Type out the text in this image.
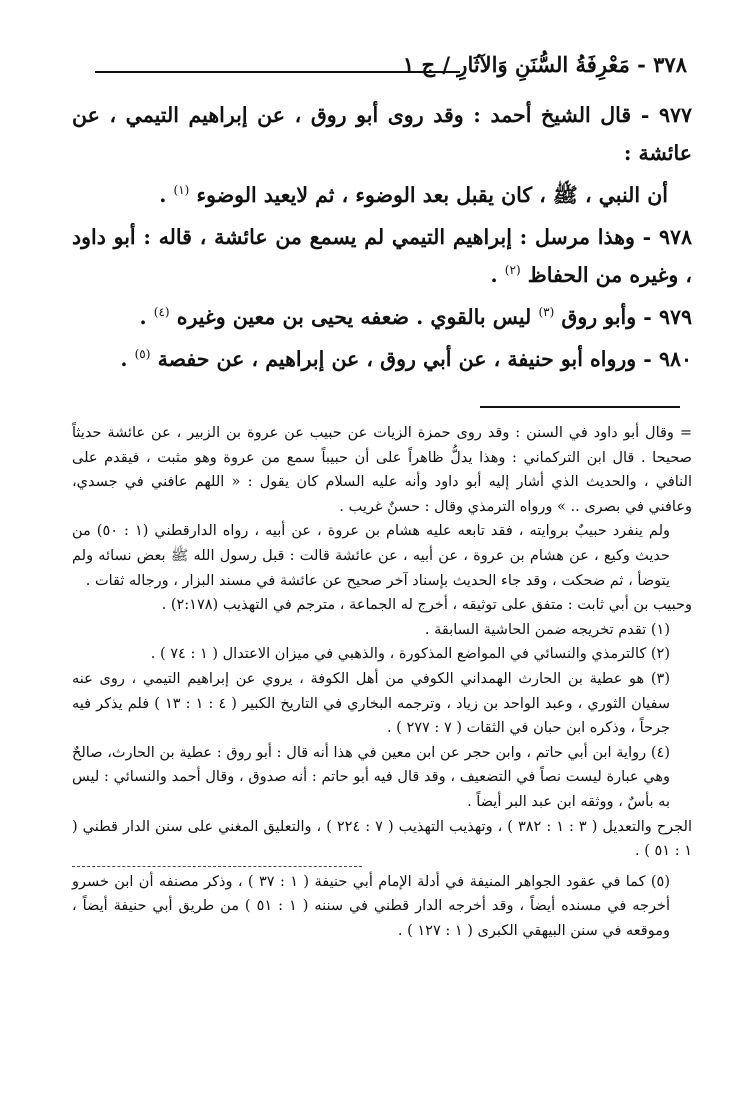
٣٧٨ - مَعْرِفَةُ السُّنَنِ وَالآثَارِ / ج ١

٩٧٧ - قال الشيخ أحمد : وقد روى أبو روق ، عن إبراهيم التيمي ، عن عائشة :

أن النبي ، ﷺ ، كان يقبل بعد الوضوء ، ثم لايعيد الوضوء $^{(١)}$ .

٩٧٨ - وهذا مرسل : إبراهيم التيمي لم يسمع من عائشة ، قاله : أبو داود ، وغيره من الحفاظ $^{(٢)}$ .

٩٧٩ - وأبو روق $^{(٣)}$ ليس بالقوي . ضعفه يحيى بن معين وغيره $^{(٤)}$ .

٩٨٠ - ورواه أبو حنيفة ، عن أبي روق ، عن إبراهيم ، عن حفصة $^{(٥)}$ .

= وقال أبو داود في السنن : وقد روى حمزة الزيات عن حبيب عن عروة بن الزبير ، عن عائشة حديثاً صحيحا . قال ابن التركماني : وهذا يدلُّ ظاهراً على أن حبيباً سمع من عروة وهو مثبت ، فيقدم على النافي ، والحديث الذي أشار إليه أبو داود وأنه عليه السلام كان يقول : « اللهم عافني في جسدي، وعافني في بصرى .. » ورواه الترمذي وقال : حسنٌ غريب .

ولم ينفرد حبيبٌ بروايته ، فقد تابعه عليه هشام بن عروة ، عن أبيه ، رواه الدارقطني (١ : ٥٠) من حديث وكيع ، عن هشام بن عروة ، عن أبيه ، عن عائشة قالت : قبل رسول الله ﷺ بعض نسائه ولم يتوضأ ، ثم ضحكت ، وقد جاء الحديث بإسناد آخر صحيح عن عائشة في مسند البزار ، ورجاله ثقات .

وحبيب بن أبي ثابت : متفق على توثيقه ، أخرج له الجماعة ، مترجم في التهذيب (٢:١٧٨) .

(١) تقدم تخريجه ضمن الحاشية السابقة .

(٢) كالترمذي والنسائي في المواضع المذكورة ، والذهبي في ميزان الاعتدال ( ١ : ٧٤ ) .

(٣) هو عطية بن الحارث الهمداني الكوفي من أهل الكوفة ، يروي عن إبراهيم التيمي ، روى عنه سفيان الثوري ، وعبد الواحد بن زياد ، وترجمه البخاري في التاريخ الكبير ( ٤ : ١ : ١٣ ) فلم يذكر فيه جرحاً ، وذكره ابن حبان في الثقات ( ٧ : ٢٧٧ ) .

(٤) رواية ابن أبي حاتم ، وابن حجر عن ابن معين في هذا أنه قال : أبو روق : عطية بن الحارث، صالحٌ وهي عبارة ليست نصاً في التضعيف ، وقد قال فيه أبو حاتم : أنه صدوق ، وقال أحمد والنسائي : ليس به بأسٌ ، ووثقه ابن عبد البر أيضاً .

الجرح والتعديل ( ٣ : ١ : ٣٨٢ ) ، وتهذيب التهذيب ( ٧ : ٢٢٤ ) ، والتعليق المغني على سنن الدار قطني ( ١ : ٥١ ) .

(٥) كما في عقود الجواهر المنيفة في أدلة الإمام أبي حنيفة ( ١ : ٣٧ ) ، وذكر مصنفه أن ابن خسرو أخرجه في مسنده أيضاً ، وقد أخرجه الدار قطني في سننه ( ١ : ٥١ ) من طريق أبي حنيفة أيضاً ، وموقعه في سنن البيهقي الكبرى ( ١ : ١٢٧ ) .
